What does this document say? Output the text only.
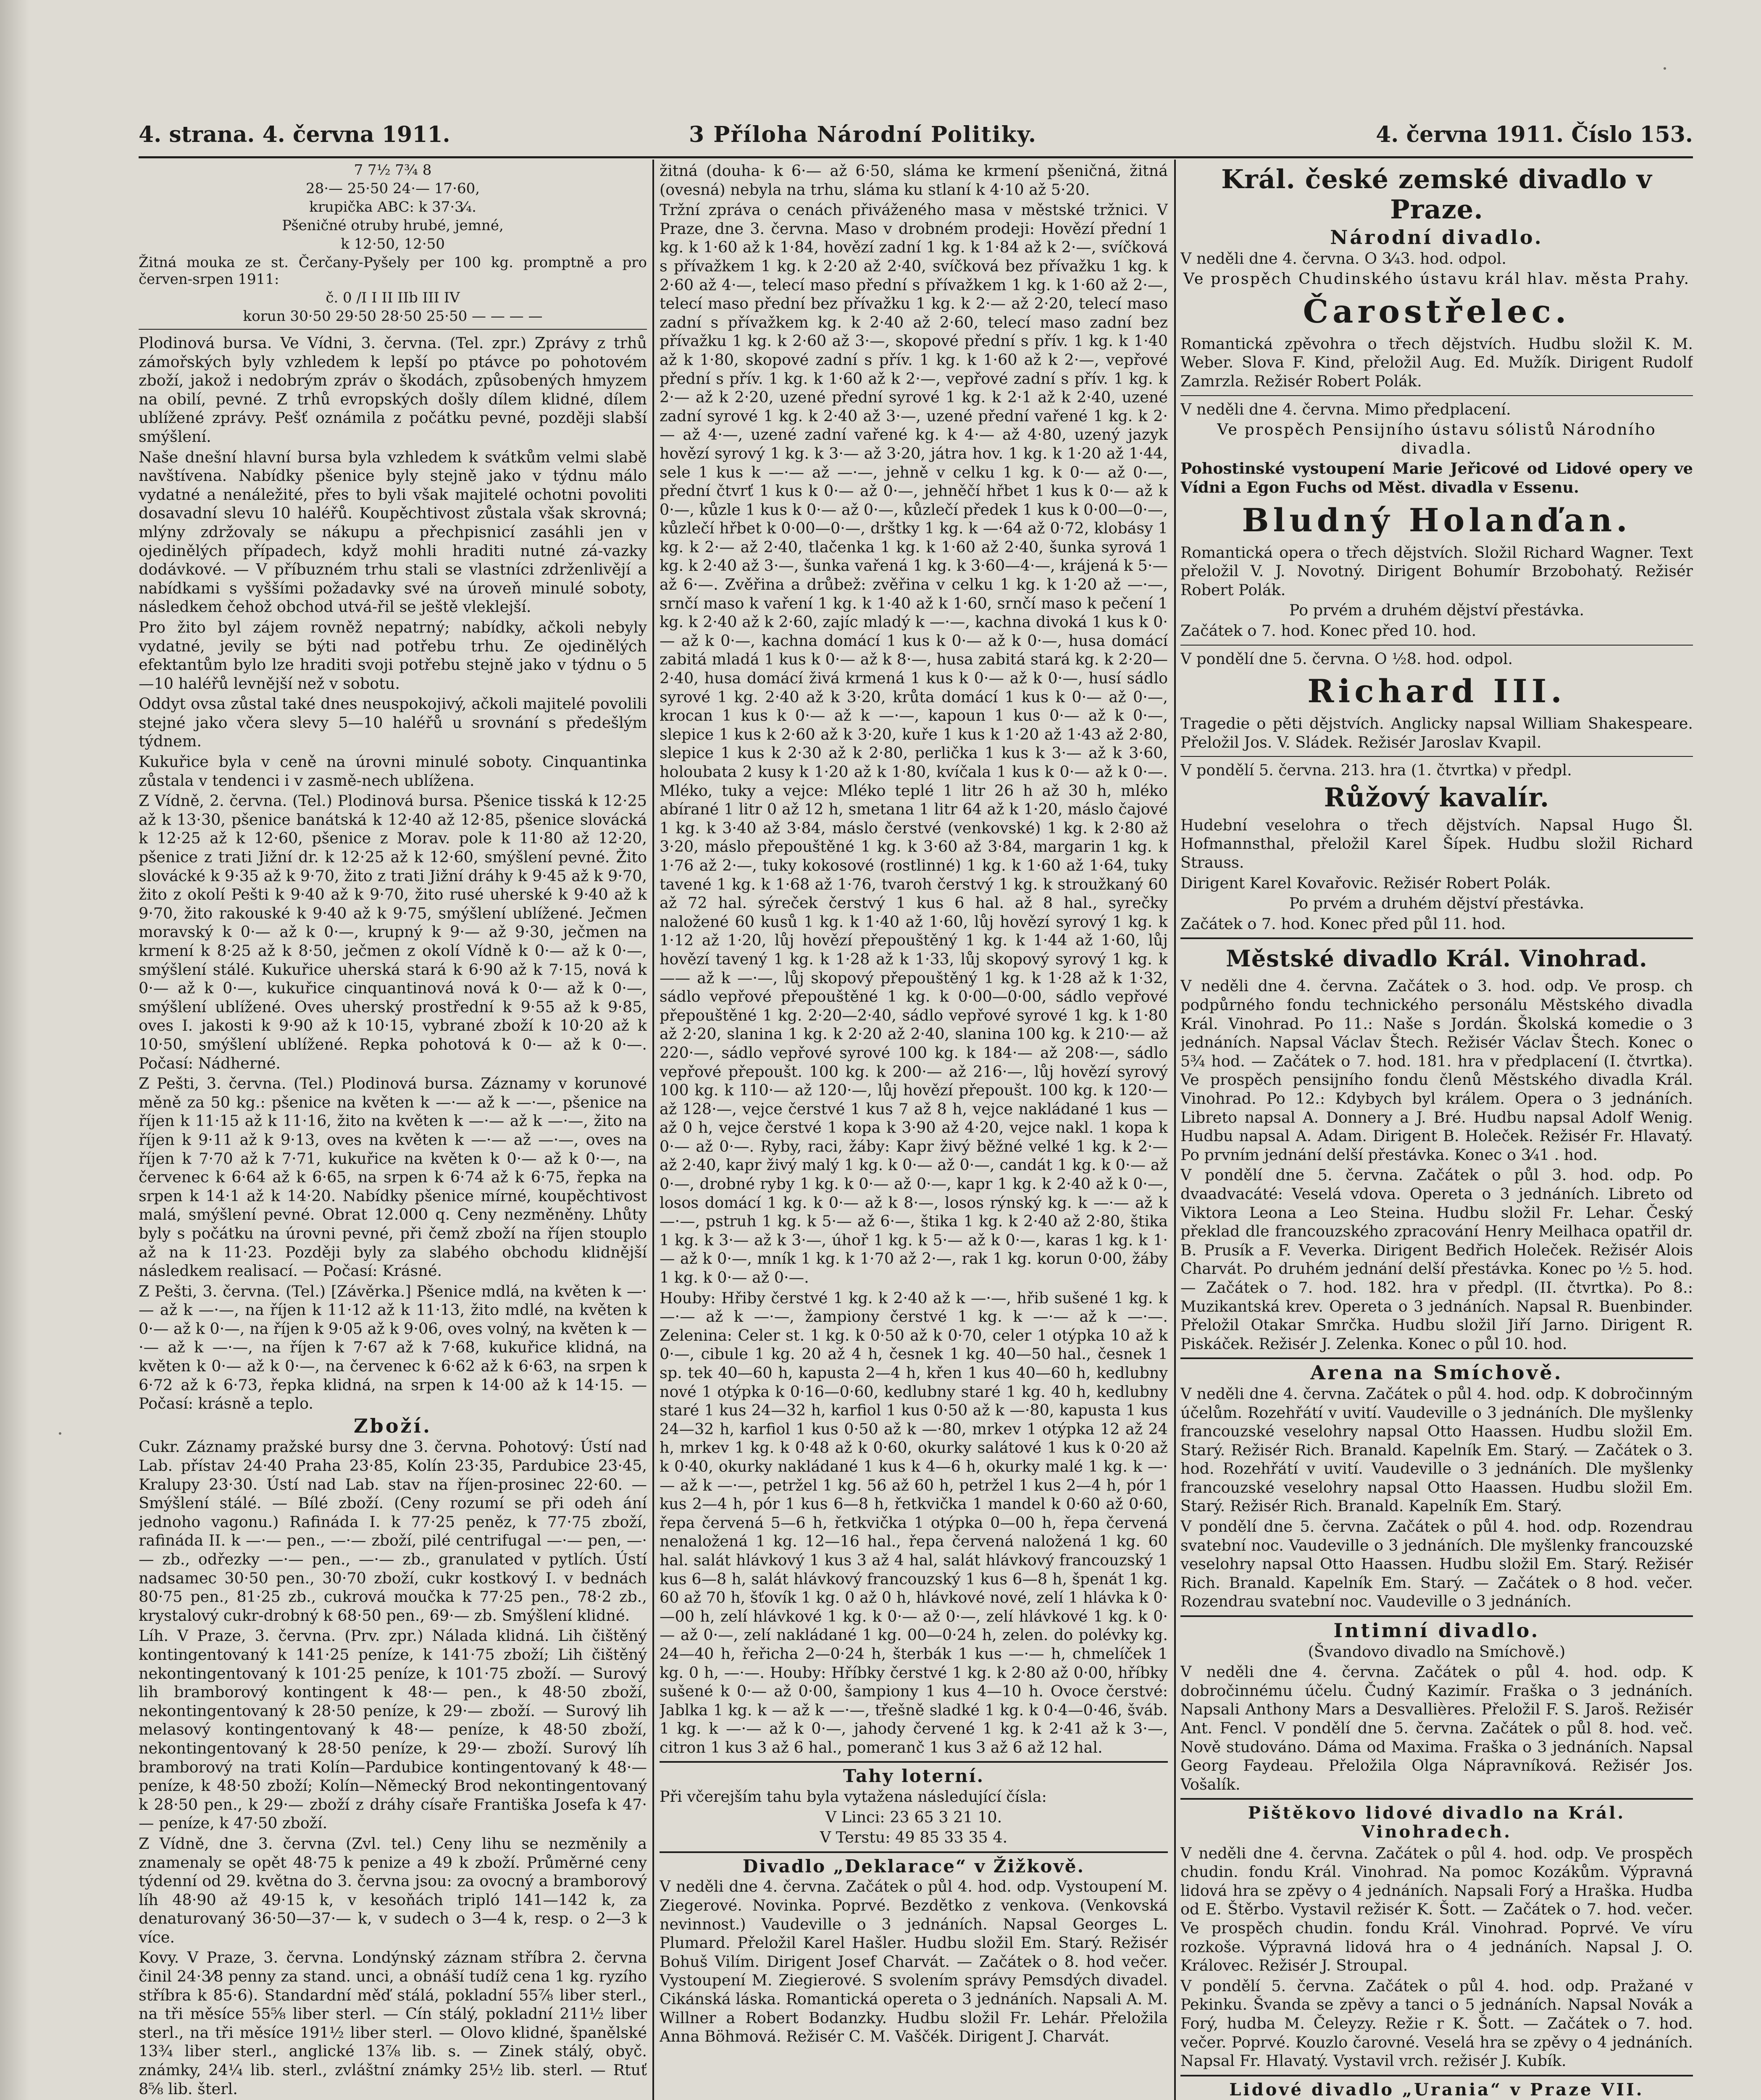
4. strana. 4. června 1911.	3 Příloha Národní Politiky.	4. června 1911. Číslo 153.
7 7½ 7¾ 8
28·— 25·50 24·— 17·60,
krupička ABC: k 37·3⁄₄.
Pšeničné otruby hrubé, jemné,
k 12·50, 12·50

Žitná mouka ze st. Čerčany-Pyšely per 100 kg. promptně a pro červen-srpen 1911:

č. 0 /I I II IIb III IV
korun 30·50 29·50 28·50 25·50 — — — —

Plodinová bursa. Ve Vídni, 3. června. (Tel. zpr.) Zprávy z trhů zámořských byly vzhledem k lepší po ptávce po pohotovém zboží, jakož i nedobrým zpráv o škodách, způsobených hmyzem na obilí, pevné. Z trhů evropských došly dílem klidné, dílem ublížené zprávy. Pešť oznámila z počátku pevné, později slabší smýšlení.

Naše dnešní hlavní bursa byla vzhledem k svátkům velmi slabě navštívena. Nabídky pšenice byly stejně jako v týdnu málo vydatné a nenáležité, přes to byli však majitelé ochotni povoliti dosavadní slevu 10 haléřů. Koupěchtivost zůstala však skrovná; mlýny zdržovaly se nákupu a přechpisnicí zasáhli jen v ojedinělých případech, když mohli hraditi nutné zá-vazky dodávkové. — V příbuzném trhu stali se vlastníci zdrženlivějí a nabídkami s vyššími požadavky své na úroveň minulé soboty, následkem čehož obchod utvá-řil se ještě vleklejší.

Pro žito byl zájem rovněž nepatrný; nabídky, ačkoli nebyly vydatné, jevily se býti nad potřebu trhu. Ze ojedinělých efektantům bylo lze hraditi svoji potřebu stejně jako v týdnu o 5—10 haléřů levnější než v sobotu.

Oddyt ovsa zůstal také dnes neuspokojivý, ačkoli majitelé povolili stejné jako včera slevy 5—10 haléřů u srovnání s předešlým týdnem.

Kukuřice byla v ceně na úrovni minulé soboty. Cinquantinka zůstala v tendenci i v zasmě-nech ublížena.

Z Vídně, 2. června. (Tel.) Plodinová bursa. Pšenice tisská k 12·25 až k 13·30, pšenice banátská k 12·40 až 12·85, pšenice slovácká k 12·25 až k 12·60, pšenice z Morav. pole k 11·80 až 12·20, pšenice z trati Jižní dr. k 12·25 až k 12·60, smýšlení pevné. Žito slovácké k 9·35 až k 9·70, žito z trati Jižní dráhy k 9·45 až k 9·70, žito z okolí Pešti k 9·40 až k 9·70, žito rusé uherské k 9·40 až k 9·70, žito rakouské k 9·40 až k 9·75, smýšlení ublížené. Ječmen moravský k 0·— až k 0·—, krupný k 9·— až 9·30, ječmen na krmení k 8·25 až k 8·50, ječmen z okolí Vídně k 0·— až k 0·—, smýšlení stálé. Kukuřice uherská stará k 6·90 až k 7·15, nová k 0·— až k 0·—, kukuřice cinquantinová nová k 0·— až k 0·—, smýšlení ublížené. Oves uherský prostřední k 9·55 až k 9·85, oves I. jakosti k 9·90 až k 10·15, vybrané zboží k 10·20 až k 10·50, smýšlení ublížené. Repka pohotová k 0·— až k 0·—. Počasí: Nádherné.

Z Pešti, 3. června. (Tel.) Plodinová bursa. Záznamy v korunové měně za 50 kg.: pšenice na květen k —·— až k —·—, pšenice na říjen k 11·15 až k 11·16, žito na květen k —·— až k —·—, žito na říjen k 9·11 až k 9·13, oves na květen k —·— až —·—, oves na říjen k 7·70 až k 7·71, kukuřice na květen k 0·— až k 0·—, na červenec k 6·64 až k 6·65, na srpen k 6·74 až k 6·75, řepka na srpen k 14·1 až k 14·20. Nabídky pšenice mírné, koupěchtivost malá, smýšlení pevné. Obrat 12.000 q. Ceny nezměněny. Lhůty byly s počátku na úrovni pevné, při čemž zboží na říjen stouplo až na k 11·23. Později byly za slabého obchodu klidnější následkem realisací. — Počasí: Krásné.

Z Pešti, 3. června. (Tel.) [Závěrka.] Pšenice mdlá, na květen k —·— až k —·—, na říjen k 11·12 až k 11·13, žito mdlé, na květen k 0·— až k 0·—, na říjen k 9·05 až k 9·06, oves volný, na květen k —·— až k —·—, na říjen k 7·67 až k 7·68, kukuřice klidná, na květen k 0·— až k 0·—, na červenec k 6·62 až k 6·63, na srpen k 6·72 až k 6·73, řepka klidná, na srpen k 14·00 až k 14·15. — Počasí: krásně a teplo.

Zboží.

Cukr. Záznamy pražské bursy dne 3. června. Pohotový: Ústí nad Lab. přístav 24·40 Praha 23·85, Kolín 23·35, Pardubice 23·45, Kralupy 23·30. Ústí nad Lab. stav na říjen-prosinec 22·60. — Smýšlení stálé. — Bílé zboží. (Ceny rozumí se při odeh ání jednoho vagonu.) Rafináda I. k 77·25 peněz, k 77·75 zboží, rafináda II. k —·— pen., —·— zboží, pilé centrifugal —·— pen, —·— zb., odřezky —·— pen., —·— zb., granulated v pytlích. Ústí nadsamec 30·50 pen., 30·70 zboží, cukr kostkový I. v bednách 80·75 pen., 81·25 zb., cukrová moučka k 77·25 pen., 78·2 zb., krystalový cukr-drobný k 68·50 pen., 69·— zb. Smýšlení klidné.

Líh. V Praze, 3. června. (Prv. zpr.) Nálada klidná. Lih čištěný kontingentovaný k 141·25 peníze, k 141·75 zboží; Lih čištěný nekontingentovaný k 101·25 peníze, k 101·75 zboží. — Surový lih bramborový kontingent k 48·— pen., k 48·50 zboží, nekontingentovaný k 28·50 peníze, k 29·— zboží. — Surový lih melasový kontingentovaný k 48·— peníze, k 48·50 zboží, nekontingentovaný k 28·50 peníze, k 29·— zboží. Surový líh bramborový na trati Kolín—Pardubice kontingentovaný k 48·— peníze, k 48·50 zboží; Kolín—Německý Brod nekontingentovaný k 28·50 pen., k 29·— zboží z dráhy císaře Františka Josefa k 47·— peníze, k 47·50 zboží.

Z Vídně, dne 3. června (Zvl. tel.) Ceny lihu se nezměnily a znamenaly se opět 48·75 k penize a 49 k zboží. Průměrné ceny týdenní od 29. května do 3. června jsou: za ovocný a bramborový líh 48·90 až 49·15 k, v kesoňách tripló 141—142 k, za denaturovaný 36·50—37·— k, v sudech o 3—4 k, resp. o 2—3 k více.

Kovy. V Praze, 3. června. Londýnský záznam stříbra 2. června činil 24·3⁄8 penny za stand. unci, a obnáší tudíž cena 1 kg. ryzího stříbra k 85·6). Standardní měď stálá, pokladní 55⁷⁄₈ liber sterl., na tři měsíce 55⁵⁄₈ liber sterl. — Cín stálý, pokladní 211½ liber sterl., na tři měsíce 191½ liber sterl. — Olovo klidné, španělské 13³⁄₄ liber sterl., anglické 13⁷⁄₈ lib. s. — Zinek stálý, obyč. známky, 24¼ lib. sterl., zvláštní známky 25½ lib. sterl. — Rtuť 8⁵⁄₈ lib. šterl.

žitná (douha- k 6·— až 6·50, sláma ke krmení pšeničná, žitná (ovesná) nebyla na trhu, sláma ku stlaní k 4·10 až 5·20.

Tržní zpráva o cenách přiváženého masa v městské tržnici. V Praze, dne 3. června. Maso v drobném prodeji: Hovězí přední 1 kg. k 1·60 až k 1·84, hovězí zadní 1 kg. k 1·84 až k 2·—, svíčková s přívažkem 1 kg. k 2·20 až 2·40, svíčková bez přívažku 1 kg. k 2·60 až 4·—, telecí maso přední s přívažkem 1 kg. k 1·60 až 2·—, telecí maso přední bez přívažku 1 kg. k 2·— až 2·20, telecí maso zadní s přívažkem kg. k 2·40 až 2·60, telecí maso zadní bez přívažku 1 kg. k 2·60 až 3·—, skopové přední s přív. 1 kg. k 1·40 až k 1·80, skopové zadní s přív. 1 kg. k 1·60 až k 2·—, vepřové přední s přív. 1 kg. k 1·60 až k 2·—, vepřové zadní s přív. 1 kg. k 2·— až k 2·20, uzené přední syrové 1 kg. k 2·1 až k 2·40, uzené zadní syrové 1 kg. k 2·40 až 3·—, uzené přední vařené 1 kg. k 2·— až 4·—, uzené zadní vařené kg. k 4·— až 4·80, uzený jazyk hovězí syrový 1 kg. k 3·— až 3·20, játra hov. 1 kg. k 1·20 až 1·44, sele 1 kus k —·— až —·—, jehně v celku 1 kg. k 0·— až 0·—, přední čtvrť 1 kus k 0·— až 0·—, jehněčí hřbet 1 kus k 0·— až k 0·—, kůzle 1 kus k 0·— až 0·—, kůzlečí předek 1 kus k 0·00—0·—, kůzlečí hřbet k 0·00—0·—, drštky 1 kg. k —·64 až 0·72, klobásy 1 kg. k 2·— až 2·40, tlačenka 1 kg. k 1·60 až 2·40, šunka syrová 1 kg. k 2·40 až 3·—, šunka vařená 1 kg. k 3·60—4·—, krájená k 5·— až 6·—. Zvěřina a drůbež: zvěřina v celku 1 kg. k 1·20 až —·—, srnčí maso k vaření 1 kg. k 1·40 až k 1·60, srnčí maso k pečení 1 kg. k 2·40 až k 2·60, zajíc mladý k —·—, kachna divoká 1 kus k 0·— až k 0·—, kachna domácí 1 kus k 0·— až k 0·—, husa domácí zabitá mladá 1 kus k 0·— až k 8·—, husa zabitá stará kg. k 2·20—2·40, husa domácí živá krmená 1 kus k 0·— až k 0·—, husí sádlo syrové 1 kg. 2·40 až k 3·20, krůta domácí 1 kus k 0·— až 0·—, krocan 1 kus k 0·— až k —·—, kapoun 1 kus 0·— až k 0·—, slepice 1 kus k 2·60 až k 3·20, kuře 1 kus k 1·20 až 1·43 až 2·80, slepice 1 kus k 2·30 až k 2·80, perlička 1 kus k 3·— až k 3·60, holoubata 2 kusy k 1·20 až k 1·80, kvíčala 1 kus k 0·— až k 0·—. Mléko, tuky a vejce: Mléko teplé 1 litr 26 h až 30 h, mléko abírané 1 litr 0 až 12 h, smetana 1 litr 64 až k 1·20, máslo čajové 1 kg. k 3·40 až 3·84, máslo čerstvé (venkovské) 1 kg. k 2·80 až 3·20, máslo přepouštěné 1 kg. k 3·60 až 3·84, margarin 1 kg. k 1·76 až 2·—, tuky kokosové (rostlinné) 1 kg. k 1·60 až 1·64, tuky tavené 1 kg. k 1·68 až 1·76, tvaroh čerstvý 1 kg. k stroužkaný 60 až 72 hal. sýreček čerstvý 1 kus 6 hal. až 8 hal., syrečky naložené 60 kusů 1 kg. k 1·40 až 1·60, lůj hovězí syrový 1 kg. k 1·12 až 1·20, lůj hovězí přepouštěný 1 kg. k 1·44 až 1·60, lůj hovězí tavený 1 kg. k 1·28 až k 1·33, lůj skopový syrový 1 kg. k —— až k —·—, lůj skopový přepouštěný 1 kg. k 1·28 až k 1·32, sádlo vepřové přepouštěné 1 kg. k 0·00—0·00, sádlo vepřové přepouštěné 1 kg. 2·20—2·40, sádlo vepřové syrové 1 kg. k 1·80 až 2·20, slanina 1 kg. k 2·20 až 2·40, slanina 100 kg. k 210·— až 220·—, sádlo vepřové syrové 100 kg. k 184·— až 208·—, sádlo vepřové přepoušt. 100 kg. k 200·— až 216·—, lůj hovězí syrový 100 kg. k 110·— až 120·—, lůj hovězí přepoušt. 100 kg. k 120·— až 128·—, vejce čerstvé 1 kus 7 až 8 h, vejce nakládané 1 kus — až 0 h, vejce čerstvé 1 kopa k 3·90 až 4·20, vejce nakl. 1 kopa k 0·— až 0·—. Ryby, raci, žáby: Kapr živý běžné velké 1 kg. k 2·— až 2·40, kapr živý malý 1 kg. k 0·— až 0·—, candát 1 kg. k 0·— až 0·—, drobné ryby 1 kg. k 0·— až 0·—, kapr 1 kg. k 2·40 až k 0·—, losos domácí 1 kg. k 0·— až k 8·—, losos rýnský kg. k —·— až k —·—, pstruh 1 kg. k 5·— až 6·—, štika 1 kg. k 2·40 až 2·80, štika 1 kg. k 3·— až k 3·—, úhoř 1 kg. k 5·— až k 0·—, karas 1 kg. k 1·— až k 0·—, mník 1 kg. k 1·70 až 2·—, rak 1 kg. korun 0·00, žáby 1 kg. k 0·— až 0·—.

Houby: Hřiby čerstvé 1 kg. k 2·40 až k —·—, hřib sušené 1 kg. k —·— až k —·—, žampiony čerstvé 1 kg. k —·— až k —·—. Zelenina: Celer st. 1 kg. k 0·50 až k 0·70, celer 1 otýpka 10 až k 0·—, cibule 1 kg. 20 až 4 h, česnek 1 kg. 40—50 hal., česnek 1 sp. tek 40—60 h, kapusta 2—4 h, křen 1 kus 40—60 h, kedlubny nové 1 otýpka k 0·16—0·60, kedlubny staré 1 kg. 40 h, kedlubny staré 1 kus 24—32 h, karfiol 1 kus 0·50 až k —·80, kapusta 1 kus 24—32 h, karfiol 1 kus 0·50 až k —·80, mrkev 1 otýpka 12 až 24 h, mrkev 1 kg. k 0·48 až k 0·60, okurky salátové 1 kus k 0·20 až k 0·40, okurky nakládané 1 kus k 4—6 h, okurky malé 1 kg. k —·— až k —·—, petržel 1 kg. 56 až 60 h, petržel 1 kus 2—4 h, pór 1 kus 2—4 h, pór 1 kus 6—8 h, řetkvička 1 mandel k 0·60 až 0·60, řepa červená 5—6 h, řetkvička 1 otýpka 0—00 h, řepa červená nenaložená 1 kg. 12—16 hal., řepa červená naložená 1 kg. 60 hal. salát hlávkový 1 kus 3 až 4 hal, salát hlávkový francouzský 1 kus 6—8 h, salát hlávkový francouzský 1 kus 6—8 h, špenát 1 kg. 60 až 70 h, šťovík 1 kg. 0 až 0 h, hlávkové nové, zelí 1 hlávka k 0·—00 h, zelí hlávkové 1 kg. k 0·— až 0·—, zelí hlávkové 1 kg. k 0·— až 0·—, zelí nakládané 1 kg. 00—0·24 h, zelen. do polévky kg. 24—40 h, řeřicha 2—0·24 h, šterbák 1 kus —·— h, chmelíček 1 kg. 0 h, —·—. Houby: Hříbky čerstvé 1 kg. k 2·80 až 0·00, hříbky sušené k 0·— až 0·00, šampiony 1 kus 4—10 h. Ovoce čerstvé: Jablka 1 kg. k — až k —·—, třešně sladké 1 kg. k 0·4—0·46, šváb. 1 kg. k —·— až k 0·—, jahody červené 1 kg. k 2·41 až k 3·—, citron 1 kus 3 až 6 hal., pomeranč 1 kus 3 až 6 až 12 hal.

Tahy loterní.

Při včerejším tahu byla vytažena následující čísla:

V Linci: 23 65 3 21 10.
V Terstu: 49 85 33 35 4.
Divadlo „Deklarace“ v Žižkově.

V neděli dne 4. června. Začátek o půl 4. hod. odp. Vystoupení M. Ziegerové. Novinka. Poprvé. Bezdětko z venkova. (Venkovská nevinnost.) Vaudeville o 3 jednáních. Napsal Georges L. Plumard. Přeložil Karel Hašler. Hudbu složil Em. Starý. Režisér Bohuš Vilím. Dirigent Josef Charvát. — Začátek o 8. hod večer. Vystoupení M. Ziegierové. S svolením správy Pemsdých divadel. Cikánská láska. Romantická opereta o 3 jednáních. Napsali A. M. Willner a Robert Bodanzky. Hudbu složil Fr. Lehár. Přeložila Anna Böhmová. Režisér C. M. Vaščék. Dirigent J. Charvát.

Král. české zemské divadlo v Praze.
Národní divadlo.

V neděli dne 4. června. O 3⁄₄3. hod. odpol.

Ve prospěch Chudinského ústavu král hlav. města Prahy.
Čarostřelec.

Romantická zpěvohra o třech dějstvích. Hudbu složil K. M. Weber. Slova F. Kind, přeložil Aug. Ed. Mužík. Dirigent Rudolf Zamrzla. Režisér Robert Polák.

V neděli dne 4. června. Mimo předplacení.

Ve prospěch Pensijního ústavu sólistů Národního divadla.

Pohostinské vystoupení Marie Jeřicové od Lidové opery ve Vídni a Egon Fuchs od Měst. divadla v Essenu.

Bludný Holanďan.

Romantická opera o třech dějstvích. Složil Richard Wagner. Text přeložil V. J. Novotný. Dirigent Bohumír Brzobohatý. Režisér Robert Polák.

Po prvém a druhém dějství přestávka.

Začátek o 7. hod. Konec před 10. hod.

V pondělí dne 5. června. O ½8. hod. odpol.

Richard III.

Tragedie o pěti dějstvích. Anglicky napsal William Shakespeare. Přeložil Jos. V. Sládek. Režisér Jaroslav Kvapil.

V pondělí 5. června. 213. hra (1. čtvrtka) v předpl.

Růžový kavalír.

Hudební veselohra o třech dějstvích. Napsal Hugo Šl. Hofmannsthal, přeložil Karel Šípek. Hudbu složil Richard Strauss.

Dirigent Karel Kovařovic. Režisér Robert Polák.

Po prvém a druhém dějství přestávka.

Začátek o 7. hod. Konec před půl 11. hod.

Městské divadlo Král. Vinohrad.

V neděli dne 4. června. Začátek o 3. hod. odp. Ve prosp. ch podpůrného fondu technického personálu Městského divadla Král. Vinohrad. Po 11.: Naše s Jordán. Školská komedie o 3 jednáních. Napsal Václav Štech. Režisér Václav Štech. Konec o 5¾ hod. — Začátek o 7. hod. 181. hra v předplacení (I. čtvrtka). Ve prospěch pensijního fondu členů Městského divadla Král. Vinohrad. Po 12.: Kdybych byl králem. Opera o 3 jednáních. Libreto napsal A. Donnery a J. Bré. Hudbu napsal Adolf Wenig. Hudbu napsal A. Adam. Dirigent B. Holeček. Režisér Fr. Hlavatý. Po prvním jednání delší přestávka. Konec o 3⁄₄1 . hod.

V pondělí dne 5. června. Začátek o půl 3. hod. odp. Po dvaadvacáté: Veselá vdova. Opereta o 3 jednáních. Libreto od Viktora Leona a Leo Steina. Hudbu složil Fr. Lehar. Český překlad dle francouzského zpracování Henry Meilhaca opatřil dr. B. Prusík a F. Veverka. Dirigent Bedřich Holeček. Režisér Alois Charvát. Po druhém jednání delší přestávka. Konec po ½ 5. hod. — Začátek o 7. hod. 182. hra v předpl. (II. čtvrtka). Po 8.: Muzikantská krev. Opereta o 3 jednáních. Napsal R. Buenbinder. Přeložil Otakar Smrčka. Hudbu složil Jiří Jarno. Dirigent R. Piskáček. Režisér J. Zelenka. Konec o půl 10. hod.

Arena na Smíchově.

V neděli dne 4. června. Začátek o půl 4. hod. odp. K dobročinným účelům. Rozehřátí v uvití. Vaudeville o 3 jednáních. Dle myšlenky francouzské veselohry napsal Otto Haassen. Hudbu složil Em. Starý. Režisér Rich. Branald. Kapelník Em. Starý. — Začátek o 3. hod. Rozehřátí v uvití. Vaudeville o 3 jednáních. Dle myšlenky francouzské veselohry napsal Otto Haassen. Hudbu složil Em. Starý. Režisér Rich. Branald. Kapelník Em. Starý.

V pondělí dne 5. června. Začátek o půl 4. hod. odp. Rozendrau svatební noc. Vaudeville o 3 jednáních. Dle myšlenky francouzské veselohry napsal Otto Haassen. Hudbu složil Em. Starý. Režisér Rich. Branald. Kapelník Em. Starý. — Začátek o 8 hod. večer. Rozendrau svatební noc. Vaudeville o 3 jednáních.

Intimní divadlo.
(Švandovo divadlo na Smíchově.)

V neděli dne 4. června. Začátek o půl 4. hod. odp. K dobročinnému účelu. Čudný Kazimír. Fraška o 3 jednáních. Napsali Anthony Mars a Desvallières. Přeložil F. S. Jaroš. Režisér Ant. Fencl. V pondělí dne 5. června. Začátek o půl 8. hod. več. Nově studováno. Dáma od Maxima. Fraška o 3 jednáních. Napsal Georg Faydeau. Přeložila Olga Nápravníková. Režisér Jos. Vošalík.

Pištěkovo lidové divadlo na Král. Vinohradech.

V neděli dne 4. června. Začátek o půl 4. hod. odp. Ve prospěch chudin. fondu Král. Vinohrad. Na pomoc Kozákům. Výpravná lidová hra se zpěvy o 4 jednáních. Napsali Forý a Hraška. Hudba od E. Štěrbo. Vystavil režisér K. Šott. — Začátek o 7. hod. večer. Ve prospěch chudin. fondu Král. Vinohrad. Poprvé. Ve víru rozkoše. Výpravná lidová hra o 4 jednáních. Napsal J. O. Královec. Režisér J. Stroupal.

V pondělí 5. června. Začátek o půl 4. hod. odp. Pražané v Pekinku. Švanda se zpěvy a tanci o 5 jednáních. Napsal Novák a Forý, hudba M. Čeleyzy. Režie r K. Šott. — Začátek o 7. hod. večer. Poprvé. Kouzlo čarovné. Veselá hra se zpěvy o 4 jednáních. Napsal Fr. Hlavatý. Vystavil vrch. režisér J. Kubík.

Lidové divadlo „Urania“ v Praze VII.
